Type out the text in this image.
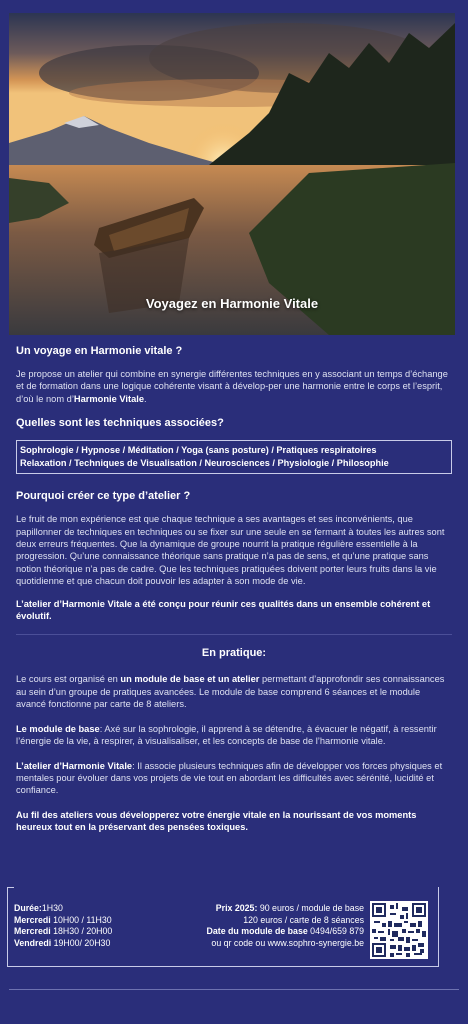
Voyagez en Harmonie Vitale
Un voyage en Harmonie vitale ?

Je propose un atelier qui combine en synergie différentes techniques en y associant un temps d’échange et de formation dans une logique cohérente visant à dévelop-per une harmonie entre le corps et l’esprit, d’où le nom d’Harmonie Vitale.

Quelles sont les techniques associées?
Sophrologie / Hypnose / Méditation / Yoga (sans posture) / Pratiques respiratoires
Relaxation / Techniques de Visualisation / Neurosciences / Physiologie / Philosophie
Pourquoi créer ce type d’atelier ?

Le fruit de mon expérience est que chaque technique a ses avantages et ses inconvénients, que papillonner de techniques en techniques ou se fixer sur une seule en se fermant à toutes les autres sont deux erreurs fréquentes. Que la dynamique de groupe nourrit la pratique régulière essentielle à la progression. Qu’une connaissance théorique sans pratique n’a pas de sens, et qu’une pratique sans notion théorique n’a pas de cadre. Que les techniques pratiquées doivent porter leurs fruits dans la vie quotidienne et que chacun doit pouvoir les adapter à son mode de vie.

L’atelier d’Harmonie Vitale a été conçu pour réunir ces qualités dans un ensemble cohérent et évolutif.

En pratique:

Le cours est organisé en un module de base et un atelier permettant d’approfondir ses connaissances au sein d’un groupe de pratiques avancées. Le module de base comprend 6 séances et le module avancé fonctionne par carte de 8 ateliers.

Le module de base: Axé sur la sophrologie, il apprend à se détendre, à évacuer le négatif, à ressentir l’énergie de la vie, à respirer, à visualisaliser, et les concepts de base de l’harmonie vitale.

L’atelier d’Harmonie Vitale: Il associe plusieurs techniques afin de développer vos forces physiques et mentales pour évoluer dans vos projets de vie tout en abordant les difficultés avec sérénité, lucidité et confiance.

Au fil des ateliers vous développerez votre énergie vitale en la nourissant de vos moments heureux tout en la préservant des pensées toxiques.

Durée:1H30
Mercredi 10H00 / 11H30
Mercredi 18H30 / 20H00
Vendredi 19H00/ 20H30
Prix 2025: 90 euros / module de base
120 euros / carte de 8 séances
Date du module de base 0494/659 879
ou qr code ou www.sophro-synergie.be
